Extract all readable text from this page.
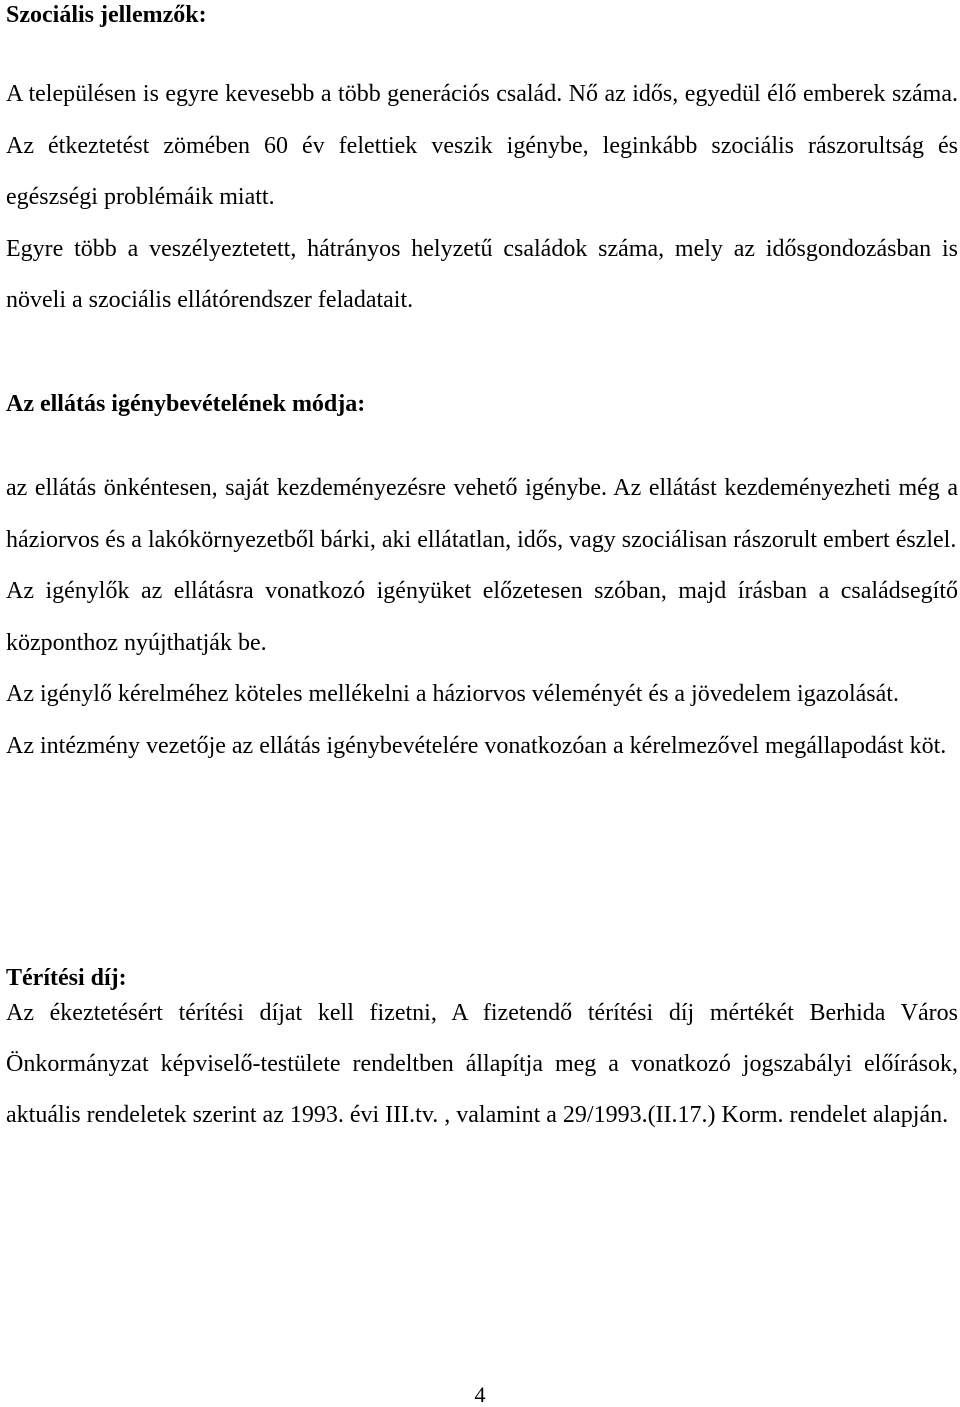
Szociális jellemzők:

A településen is egyre kevesebb a több generációs család. Nő az idős, egyedül élő emberek száma. Az étkeztetést zömében 60 év felettiek veszik igénybe, leginkább szociális rászorultság és egészségi problémáik miatt.

Egyre több a veszélyeztetett, hátrányos helyzetű családok száma, mely az idősgondozásban is növeli a szociális ellátórendszer feladatait.

Az ellátás igénybevételének módja:

az ellátás önkéntesen, saját kezdeményezésre vehető igénybe. Az ellátást kezdeményezheti még a háziorvos és a lakókörnyezetből bárki, aki ellátatlan, idős, vagy szociálisan rászorult embert észlel.

Az igénylők az ellátásra vonatkozó igényüket előzetesen szóban, majd írásban a családsegítő központhoz nyújthatják be.

Az igénylő kérelméhez köteles mellékelni a háziorvos véleményét és a jövedelem igazolását.

Az intézmény vezetője az ellátás igénybevételére vonatkozóan a kérelmezővel megállapodást köt.

Térítési díj:

Az ékeztetésért térítési díjat kell fizetni, A fizetendő térítési díj mértékét Berhida Város Önkormányzat képviselő-testülete rendeltben állapítja meg a vonatkozó jogszabályi előírások, aktuális rendeletek szerint az 1993. évi III.tv. , valamint a 29/1993.(II.17.) Korm. rendelet alapján.

4
